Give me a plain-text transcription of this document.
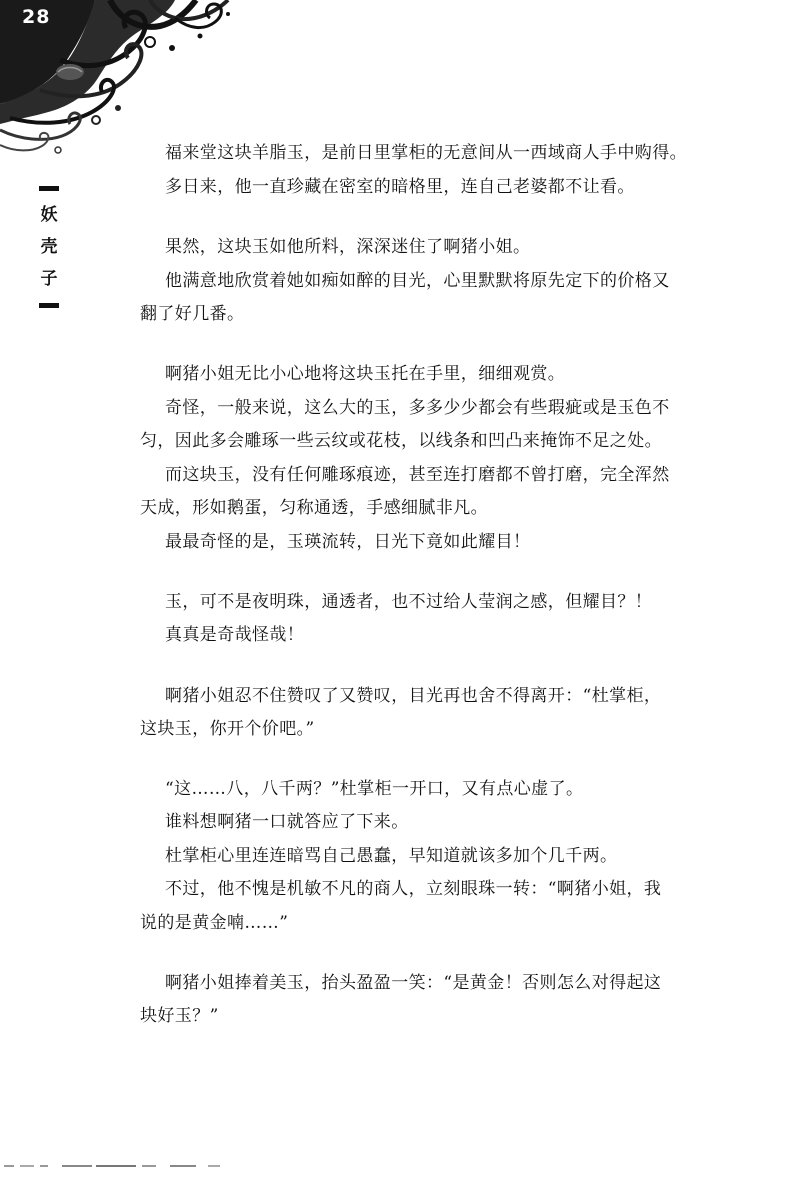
28
妖
壳
子
福来堂这块羊脂玉，是前日里掌柜的无意间从一西域商人手中购得。
多日来，他一直珍藏在密室的暗格里，连自己老婆都不让看。
果然，这块玉如他所料，深深迷住了啊猪小姐。
他满意地欣赏着她如痴如醉的目光，心里默默将原先定下的价格又
翻了好几番。
啊猪小姐无比小心地将这块玉托在手里，细细观赏。
奇怪，一般来说，这么大的玉，多多少少都会有些瑕疵或是玉色不
匀，因此多会雕琢一些云纹或花枝，以线条和凹凸来掩饰不足之处。
而这块玉，没有任何雕琢痕迹，甚至连打磨都不曾打磨，完全浑然
天成，形如鹅蛋，匀称通透，手感细腻非凡。
最最奇怪的是，玉瑛流转，日光下竟如此耀目！
玉，可不是夜明珠，通透者，也不过给人莹润之感，但耀目？！
真真是奇哉怪哉！
啊猪小姐忍不住赞叹了又赞叹，目光再也舍不得离开：“杜掌柜，
这块玉，你开个价吧。”
“这……八，八千两？”杜掌柜一开口，又有点心虚了。
谁料想啊猪一口就答应了下来。
杜掌柜心里连连暗骂自己愚蠢，早知道就该多加个几千两。
不过，他不愧是机敏不凡的商人，立刻眼珠一转：“啊猪小姐，我
说的是黄金喃……”
啊猪小姐捧着美玉，抬头盈盈一笑：“是黄金！否则怎么对得起这
块好玉？”
